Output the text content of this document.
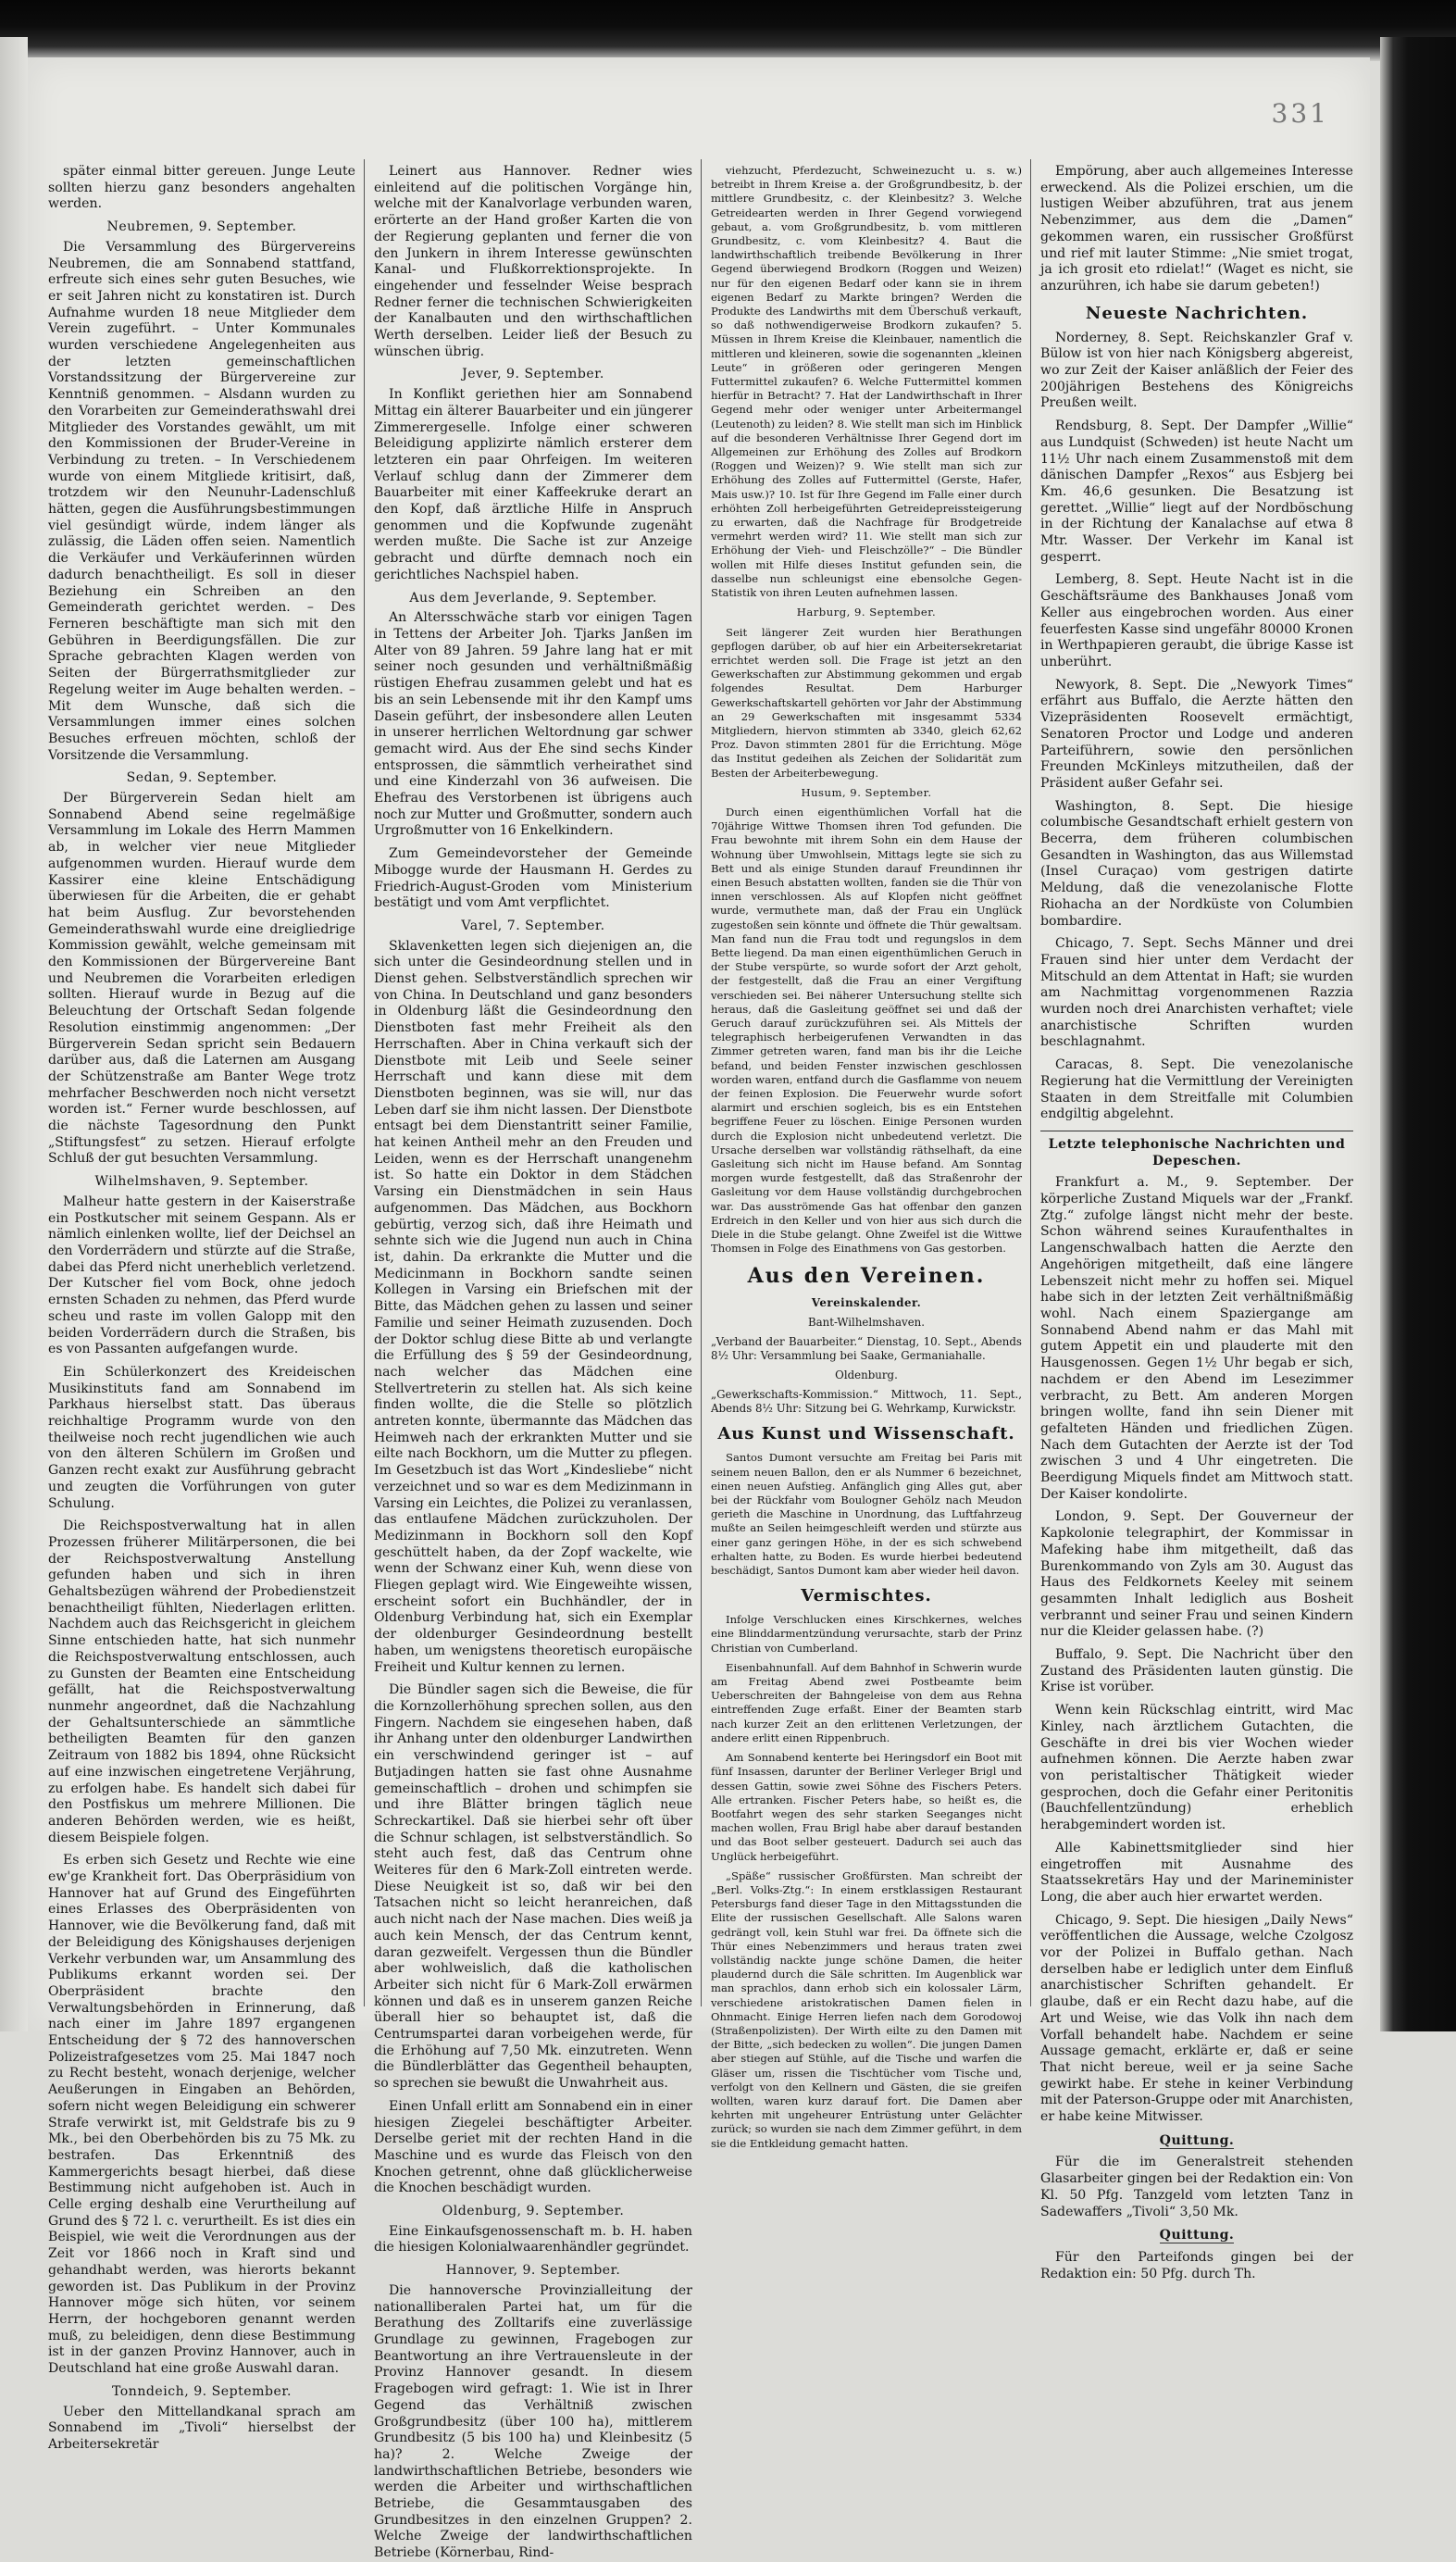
331

später einmal bitter gereuen. Junge Leute sollten hierzu ganz besonders angehalten werden.

Neubremen, 9. September.

Die Versammlung des Bürgervereins Neubremen, die am Sonnabend stattfand, erfreute sich eines sehr guten Besuches, wie er seit Jahren nicht zu konstatiren ist. Durch Aufnahme wurden 18 neue Mitglieder dem Verein zugeführt. – Unter Kommunales wurden verschiedene Angelegenheiten aus der letzten gemeinschaftlichen Vorstandssitzung der Bürgervereine zur Kenntniß genommen. – Alsdann wurden zu den Vorarbeiten zur Gemeinderathswahl drei Mitglieder des Vorstandes gewählt, um mit den Kommissionen der Bruder-Vereine in Verbindung zu treten. – In Verschiedenem wurde von einem Mitgliede kritisirt, daß, trotzdem wir den Neunuhr-Ladenschluß hätten, gegen die Ausführungsbestimmungen viel gesündigt würde, indem länger als zulässig, die Läden offen seien. Namentlich die Verkäufer und Verkäuferinnen würden dadurch benachtheiligt. Es soll in dieser Beziehung ein Schreiben an den Gemeinderath gerichtet werden. – Des Ferneren beschäftigte man sich mit den Gebühren in Beerdigungsfällen. Die zur Sprache gebrachten Klagen werden von Seiten der Bürgerrathsmitglieder zur Regelung weiter im Auge behalten werden. – Mit dem Wunsche, daß sich die Versammlungen immer eines solchen Besuches erfreuen möchten, schloß der Vorsitzende die Versammlung.

Sedan, 9. September.

Der Bürgerverein Sedan hielt am Sonnabend Abend seine regelmäßige Versammlung im Lokale des Herrn Mammen ab, in welcher vier neue Mitglieder aufgenommen wurden. Hierauf wurde dem Kassirer eine kleine Entschädigung überwiesen für die Arbeiten, die er gehabt hat beim Ausflug. Zur bevorstehenden Gemeinderathswahl wurde eine dreigliedrige Kommission gewählt, welche gemeinsam mit den Kommissionen der Bürgervereine Bant und Neubremen die Vorarbeiten erledigen sollten. Hierauf wurde in Bezug auf die Beleuchtung der Ortschaft Sedan folgende Resolution einstimmig angenommen: „Der Bürgerverein Sedan spricht sein Bedauern darüber aus, daß die Laternen am Ausgang der Schützenstraße am Banter Wege trotz mehrfacher Beschwerden noch nicht versetzt worden ist.“ Ferner wurde beschlossen, auf die nächste Tagesordnung den Punkt „Stiftungsfest“ zu setzen. Hierauf erfolgte Schluß der gut besuchten Versammlung.

Wilhelmshaven, 9. September.

Malheur hatte gestern in der Kaiserstraße ein Postkutscher mit seinem Gespann. Als er nämlich einlenken wollte, lief der Deichsel an den Vorderrädern und stürzte auf die Straße, dabei das Pferd nicht unerheblich verletzend. Der Kutscher fiel vom Bock, ohne jedoch ernsten Schaden zu nehmen, das Pferd wurde scheu und raste im vollen Galopp mit den beiden Vorderrädern durch die Straßen, bis es von Passanten aufgefangen wurde.

Ein Schülerkonzert des Kreideischen Musikinstituts fand am Sonnabend im Parkhaus hierselbst statt. Das überaus reichhaltige Programm wurde von den theilweise noch recht jugendlichen wie auch von den älteren Schülern im Großen und Ganzen recht exakt zur Ausführung gebracht und zeugten die Vorführungen von guter Schulung.

Die Reichspostverwaltung hat in allen Prozessen früherer Militärpersonen, die bei der Reichspostverwaltung Anstellung gefunden haben und sich in ihren Gehaltsbezügen während der Probedienstzeit benachtheiligt fühlten, Niederlagen erlitten. Nachdem auch das Reichsgericht in gleichem Sinne entschieden hatte, hat sich nunmehr die Reichspostverwaltung entschlossen, auch zu Gunsten der Beamten eine Entscheidung gefällt, hat die Reichspostverwaltung nunmehr angeordnet, daß die Nachzahlung der Gehaltsunterschiede an sämmtliche betheiligten Beamten für den ganzen Zeitraum von 1882 bis 1894, ohne Rücksicht auf eine inzwischen eingetretene Verjährung, zu erfolgen habe. Es handelt sich dabei für den Postfiskus um mehrere Millionen. Die anderen Behörden werden, wie es heißt, diesem Beispiele folgen.

Es erben sich Gesetz und Rechte wie eine ew'ge Krankheit fort. Das Oberpräsidium von Hannover hat auf Grund des Eingeführten eines Erlasses des Oberpräsidenten von Hannover, wie die Bevölkerung fand, daß mit der Beleidigung des Königshauses derjenigen Verkehr verbunden war, um Ansammlung des Publikums erkannt worden sei. Der Oberpräsident brachte den Verwaltungsbehörden in Erinnerung, daß nach einer im Jahre 1897 ergangenen Entscheidung der § 72 des hannoverschen Polizeistrafgesetzes vom 25. Mai 1847 noch zu Recht besteht, wonach derjenige, welcher Aeußerungen in Eingaben an Behörden, sofern nicht wegen Beleidigung ein schwerer Strafe verwirkt ist, mit Geldstrafe bis zu 9 Mk., bei den Oberbehörden bis zu 75 Mk. zu bestrafen. Das Erkenntniß des Kammergerichts besagt hierbei, daß diese Bestimmung nicht aufgehoben ist. Auch in Celle erging deshalb eine Verurtheilung auf Grund des § 72 l. c. verurtheilt. Es ist dies ein Beispiel, wie weit die Verordnungen aus der Zeit vor 1866 noch in Kraft sind und gehandhabt werden, was hierorts bekannt geworden ist. Das Publikum in der Provinz Hannover möge sich hüten, vor seinem Herrn, der hochgeboren genannt werden muß, zu beleidigen, denn diese Bestimmung ist in der ganzen Provinz Hannover, auch in Deutschland hat eine große Auswahl daran.

Tonndeich, 9. September.

Ueber den Mittellandkanal sprach am Sonnabend im „Tivoli“ hierselbst der Arbeitersekretär

Leinert aus Hannover. Redner wies einleitend auf die politischen Vorgänge hin, welche mit der Kanalvorlage verbunden waren, erörterte an der Hand großer Karten die von der Regierung geplanten und ferner die von den Junkern in ihrem Interesse gewünschten Kanal- und Flußkorrektionsprojekte. In eingehender und fesselnder Weise besprach Redner ferner die technischen Schwierigkeiten der Kanalbauten und den wirthschaftlichen Werth derselben. Leider ließ der Besuch zu wünschen übrig.

Jever, 9. September.

In Konflikt geriethen hier am Sonnabend Mittag ein älterer Bauarbeiter und ein jüngerer Zimmerergeselle. Infolge einer schweren Beleidigung applizirte nämlich ersterer dem letzteren ein paar Ohrfeigen. Im weiteren Verlauf schlug dann der Zimmerer dem Bauarbeiter mit einer Kaffeekruke derart an den Kopf, daß ärztliche Hilfe in Anspruch genommen und die Kopfwunde zugenäht werden mußte. Die Sache ist zur Anzeige gebracht und dürfte demnach noch ein gerichtliches Nachspiel haben.

Aus dem Jeverlande, 9. September.

An Altersschwäche starb vor einigen Tagen in Tettens der Arbeiter Joh. Tjarks Janßen im Alter von 89 Jahren. 59 Jahre lang hat er mit seiner noch gesunden und verhältnißmäßig rüstigen Ehefrau zusammen gelebt und hat es bis an sein Lebensende mit ihr den Kampf ums Dasein geführt, der insbesondere allen Leuten in unserer herrlichen Weltordnung gar schwer gemacht wird. Aus der Ehe sind sechs Kinder entsprossen, die sämmtlich verheirathet sind und eine Kinderzahl von 36 aufweisen. Die Ehefrau des Verstorbenen ist übrigens auch noch zur Mutter und Großmutter, sondern auch Urgroßmutter von 16 Enkelkindern.

Zum Gemeindevorsteher der Gemeinde Mibogge wurde der Hausmann H. Gerdes zu Friedrich-August-Groden vom Ministerium bestätigt und vom Amt verpflichtet.

Varel, 7. September.

Sklavenketten legen sich diejenigen an, die sich unter die Gesindeordnung stellen und in Dienst gehen. Selbstverständlich sprechen wir von China. In Deutschland und ganz besonders in Oldenburg läßt die Gesindeordnung den Dienstboten fast mehr Freiheit als den Herrschaften. Aber in China verkauft sich der Dienstbote mit Leib und Seele seiner Herrschaft und kann diese mit dem Dienstboten beginnen, was sie will, nur das Leben darf sie ihm nicht lassen. Der Dienstbote entsagt bei dem Dienstantritt seiner Familie, hat keinen Antheil mehr an den Freuden und Leiden, wenn es der Herrschaft unangenehm ist. So hatte ein Doktor in dem Städchen Varsing ein Dienstmädchen in sein Haus aufgenommen. Das Mädchen, aus Bockhorn gebürtig, verzog sich, daß ihre Heimath und sehnte sich wie die Jugend nun auch in China ist, dahin. Da erkrankte die Mutter und die Medicinmann in Bockhorn sandte seinen Kollegen in Varsing ein Briefschen mit der Bitte, das Mädchen gehen zu lassen und seiner Familie und seiner Heimath zuzusenden. Doch der Doktor schlug diese Bitte ab und verlangte die Erfüllung des § 59 der Gesindeordnung, nach welcher das Mädchen eine Stellvertreterin zu stellen hat. Als sich keine finden wollte, die die Stelle so plötzlich antreten konnte, übermannte das Mädchen das Heimweh nach der erkrankten Mutter und sie eilte nach Bockhorn, um die Mutter zu pflegen. Im Gesetzbuch ist das Wort „Kindesliebe“ nicht verzeichnet und so war es dem Medizinmann in Varsing ein Leichtes, die Polizei zu veranlassen, das entlaufene Mädchen zurückzuholen. Der Medizinmann in Bockhorn soll den Kopf geschüttelt haben, da der Zopf wackelte, wie wenn der Schwanz einer Kuh, wenn diese von Fliegen geplagt wird. Wie Eingeweihte wissen, erscheint sofort ein Buchhändler, der in Oldenburg Verbindung hat, sich ein Exemplar der oldenburger Gesindeordnung bestellt haben, um wenigstens theoretisch europäische Freiheit und Kultur kennen zu lernen.

Die Bündler sagen sich die Beweise, die für die Kornzollerhöhung sprechen sollen, aus den Fingern. Nachdem sie eingesehen haben, daß ihr Anhang unter den oldenburger Landwirthen ein verschwindend geringer ist – auf Butjadingen hatten sie fast ohne Ausnahme gemeinschaftlich – drohen und schimpfen sie und ihre Blätter bringen täglich neue Schreckartikel. Daß sie hierbei sehr oft über die Schnur schlagen, ist selbstverständlich. So steht auch fest, daß das Centrum ohne Weiteres für den 6 Mark-Zoll eintreten werde. Diese Neuigkeit ist so, daß wir bei den Tatsachen nicht so leicht heranreichen, daß auch nicht nach der Nase machen. Dies weiß ja auch kein Mensch, der das Centrum kennt, daran gezweifelt. Vergessen thun die Bündler aber wohlweislich, daß die katholischen Arbeiter sich nicht für 6 Mark-Zoll erwärmen können und daß es in unserem ganzen Reiche überall hier so behauptet ist, daß die Centrumspartei daran vorbeigehen werde, für die Erhöhung auf 7,50 Mk. einzutreten. Wenn die Bündlerblätter das Gegentheil behaupten, so sprechen sie bewußt die Unwahrheit aus.

Einen Unfall erlitt am Sonnabend ein in einer hiesigen Ziegelei beschäftigter Arbeiter. Derselbe geriet mit der rechten Hand in die Maschine und es wurde das Fleisch von den Knochen getrennt, ohne daß glücklicherweise die Knochen beschädigt wurden.

Oldenburg, 9. September.

Eine Einkaufsgenossenschaft m. b. H. haben die hiesigen Kolonialwaarenhändler gegründet.

Hannover, 9. September.

Die hannoversche Provinzialleitung der nationalliberalen Partei hat, um für die Berathung des Zolltarifs eine zuverlässige Grundlage zu gewinnen, Fragebogen zur Beantwortung an ihre Vertrauensleute in der Provinz Hannover gesandt. In diesem Fragebogen wird gefragt: 1. Wie ist in Ihrer Gegend das Verhältniß zwischen Großgrundbesitz (über 100 ha), mittlerem Grundbesitz (5 bis 100 ha) und Kleinbesitz (5 ha)? 2. Welche Zweige der landwirthschaftlichen Betriebe, besonders wie werden die Arbeiter und wirthschaftlichen Betriebe, die Gesammtausgaben des Grundbesitzes in den einzelnen Gruppen? 2. Welche Zweige der landwirthschaftlichen Betriebe (Körnerbau, Rind-

viehzucht, Pferdezucht, Schweinezucht u. s. w.) betreibt in Ihrem Kreise a. der Großgrundbesitz, b. der mittlere Grundbesitz, c. der Kleinbesitz? 3. Welche Getreidearten werden in Ihrer Gegend vorwiegend gebaut, a. vom Großgrundbesitz, b. vom mittleren Grundbesitz, c. vom Kleinbesitz? 4. Baut die landwirthschaftlich treibende Bevölkerung in Ihrer Gegend überwiegend Brodkorn (Roggen und Weizen) nur für den eigenen Bedarf oder kann sie in ihrem eigenen Bedarf zu Markte bringen? Werden die Produkte des Landwirths mit dem Überschuß verkauft, so daß nothwendigerweise Brodkorn zukaufen? 5. Müssen in Ihrem Kreise die Kleinbauer, namentlich die mittleren und kleineren, sowie die sogenannten „kleinen Leute“ in größeren oder geringeren Mengen Futtermittel zukaufen? 6. Welche Futtermittel kommen hierfür in Betracht? 7. Hat der Landwirthschaft in Ihrer Gegend mehr oder weniger unter Arbeitermangel (Leutenoth) zu leiden? 8. Wie stellt man sich im Hinblick auf die besonderen Verhältnisse Ihrer Gegend dort im Allgemeinen zur Erhöhung des Zolles auf Brodkorn (Roggen und Weizen)? 9. Wie stellt man sich zur Erhöhung des Zolles auf Futtermittel (Gerste, Hafer, Mais usw.)? 10. Ist für Ihre Gegend im Falle einer durch erhöhten Zoll herbeigeführten Getreidepreissteigerung zu erwarten, daß die Nachfrage für Brodgetreide vermehrt werden wird? 11. Wie stellt man sich zur Erhöhung der Vieh- und Fleischzölle?“ – Die Bündler wollen mit Hilfe dieses Institut gefunden sein, die dasselbe nun schleunigst eine ebensolche Gegen-Statistik von ihren Leuten aufnehmen lassen.

Harburg, 9. September.

Seit längerer Zeit wurden hier Berathungen gepflogen darüber, ob auf hier ein Arbeitersekretariat errichtet werden soll. Die Frage ist jetzt an den Gewerkschaften zur Abstimmung gekommen und ergab folgendes Resultat. Dem Harburger Gewerkschaftskartell gehörten vor Jahr der Abstimmung an 29 Gewerkschaften mit insgesammt 5334 Mitgliedern, hiervon stimmten ab 3340, gleich 62,62 Proz. Davon stimmten 2801 für die Errichtung. Möge das Institut gedeihen als Zeichen der Solidarität zum Besten der Arbeiterbewegung.

Husum, 9. September.

Durch einen eigenthümlichen Vorfall hat die 70jährige Wittwe Thomsen ihren Tod gefunden. Die Frau bewohnte mit ihrem Sohn ein dem Hause der Wohnung über Umwohlsein, Mittags legte sie sich zu Bett und als einige Stunden darauf Freundinnen ihr einen Besuch abstatten wollten, fanden sie die Thür von innen verschlossen. Als auf Klopfen nicht geöffnet wurde, vermuthete man, daß der Frau ein Unglück zugestoßen sein könnte und öffnete die Thür gewaltsam. Man fand nun die Frau todt und regungslos in dem Bette liegend. Da man einen eigenthümlichen Geruch in der Stube verspürte, so wurde sofort der Arzt geholt, der festgestellt, daß die Frau an einer Vergiftung verschieden sei. Bei näherer Untersuchung stellte sich heraus, daß die Gasleitung geöffnet sei und daß der Geruch darauf zurückzuführen sei. Als Mittels der telegraphisch herbeigerufenen Verwandten in das Zimmer getreten waren, fand man bis ihr die Leiche befand, und beiden Fenster inzwischen geschlossen worden waren, entfand durch die Gasflamme von neuem der feinen Explosion. Die Feuerwehr wurde sofort alarmirt und erschien sogleich, bis es ein Entstehen begriffene Feuer zu löschen. Einige Personen wurden durch die Explosion nicht unbedeutend verletzt. Die Ursache derselben war vollständig räthselhaft, da eine Gasleitung sich nicht im Hause befand. Am Sonntag morgen wurde festgestellt, daß das Straßenrohr der Gasleitung vor dem Hause vollständig durchgebrochen war. Das ausströmende Gas hat offenbar den ganzen Erdreich in den Keller und von hier aus sich durch die Diele in die Stube gelangt. Ohne Zweifel ist die Wittwe Thomsen in Folge des Einathmens von Gas gestorben.

Aus den Vereinen.
Vereinskalender.

Bant-Wilhelmshaven.

„Verband der Bauarbeiter.“ Dienstag, 10. Sept., Abends 8½ Uhr: Versammlung bei Saake, Germaniahalle.

Oldenburg.

„Gewerkschafts-Kommission.“ Mittwoch, 11. Sept., Abends 8½ Uhr: Sitzung bei G. Wehrkamp, Kurwickstr.

Aus Kunst und Wissenschaft.

Santos Dumont versuchte am Freitag bei Paris mit seinem neuen Ballon, den er als Nummer 6 bezeichnet, einen neuen Aufstieg. Anfänglich ging Alles gut, aber bei der Rückfahr vom Boulogner Gehölz nach Meudon gerieth die Maschine in Unordnung, das Luftfahrzeug mußte an Seilen heimgeschleift werden und stürzte aus einer ganz geringen Höhe, in der es sich schwebend erhalten hatte, zu Boden. Es wurde hierbei bedeutend beschädigt, Santos Dumont kam aber wieder heil davon.

Vermischtes.

Infolge Verschlucken eines Kirschkernes, welches eine Blinddarmentzündung verursachte, starb der Prinz Christian von Cumberland.

Eisenbahnunfall. Auf dem Bahnhof in Schwerin wurde am Freitag Abend zwei Postbeamte beim Ueberschreiten der Bahngeleise von dem aus Rehna eintreffenden Zuge erfaßt. Einer der Beamten starb nach kurzer Zeit an den erlittenen Verletzungen, der andere erlitt einen Rippenbruch.

Am Sonnabend kenterte bei Heringsdorf ein Boot mit fünf Insassen, darunter der Berliner Verleger Brigl und dessen Gattin, sowie zwei Söhne des Fischers Peters. Alle ertranken. Fischer Peters habe, so heißt es, die Bootfahrt wegen des sehr starken Seeganges nicht machen wollen, Frau Brigl habe aber darauf bestanden und das Boot selber gesteuert. Dadurch sei auch das Unglück herbeigeführt.

„Späße“ russischer Großfürsten. Man schreibt der „Berl. Volks-Ztg.“: In einem erstklassigen Restaurant Petersburgs fand dieser Tage in den Mittagsstunden die Elite der russischen Gesellschaft. Alle Salons waren gedrängt voll, kein Stuhl war frei. Da öffnete sich die Thür eines Nebenzimmers und heraus traten zwei vollständig nackte junge schöne Damen, die heiter plaudernd durch die Säle schritten. Im Augenblick war man sprachlos, dann erhob sich ein kolossaler Lärm, verschiedene aristokratischen Damen fielen in Ohnmacht. Einige Herren liefen nach dem Gorodowoj (Straßenpolizisten). Der Wirth eilte zu den Damen mit der Bitte, „sich bedecken zu wollen“. Die jungen Damen aber stiegen auf Stühle, auf die Tische und warfen die Gläser um, rissen die Tischtücher vom Tische und, verfolgt von den Kellnern und Gästen, die sie greifen wollten, waren kurz darauf fort. Die Damen aber kehrten mit ungeheurer Entrüstung unter Gelächter zurück; so wurden sie nach dem Zimmer geführt, in dem sie die Entkleidung gemacht hatten.

Empörung, aber auch allgemeines Interesse erweckend. Als die Polizei erschien, um die lustigen Weiber abzuführen, trat aus jenem Nebenzimmer, aus dem die „Damen“ gekommen waren, ein russischer Großfürst und rief mit lauter Stimme: „Nie smiet trogat, ja ich grosit eto rdielat!“ (Waget es nicht, sie anzurühren, ich habe sie darum gebeten!)

Neueste Nachrichten.

Norderney, 8. Sept. Reichskanzler Graf v. Bülow ist von hier nach Königsberg abgereist, wo zur Zeit der Kaiser anläßlich der Feier des 200jährigen Bestehens des Königreichs Preußen weilt.

Rendsburg, 8. Sept. Der Dampfer „Willie“ aus Lundquist (Schweden) ist heute Nacht um 11½ Uhr nach einem Zusammenstoß mit dem dänischen Dampfer „Rexos“ aus Esbjerg bei Km. 46,6 gesunken. Die Besatzung ist gerettet. „Willie“ liegt auf der Nordböschung in der Richtung der Kanalachse auf etwa 8 Mtr. Wasser. Der Verkehr im Kanal ist gesperrt.

Lemberg, 8. Sept. Heute Nacht ist in die Geschäftsräume des Bankhauses Jonaß vom Keller aus eingebrochen worden. Aus einer feuerfesten Kasse sind ungefähr 80000 Kronen in Werthpapieren geraubt, die übrige Kasse ist unberührt.

Newyork, 8. Sept. Die „Newyork Times“ erfährt aus Buffalo, die Aerzte hätten den Vizepräsidenten Roosevelt ermächtigt, Senatoren Proctor und Lodge und anderen Parteiführern, sowie den persönlichen Freunden McKinleys mitzutheilen, daß der Präsident außer Gefahr sei.

Washington, 8. Sept. Die hiesige columbische Gesandtschaft erhielt gestern von Becerra, dem früheren columbischen Gesandten in Washington, das aus Willemstad (Insel Curaçao) vom gestrigen datirte Meldung, daß die venezolanische Flotte Riohacha an der Nordküste von Columbien bombardire.

Chicago, 7. Sept. Sechs Männer und drei Frauen sind hier unter dem Verdacht der Mitschuld an dem Attentat in Haft; sie wurden am Nachmittag vorgenommenen Razzia wurden noch drei Anarchisten verhaftet; viele anarchistische Schriften wurden beschlagnahmt.

Caracas, 8. Sept. Die venezolanische Regierung hat die Vermittlung der Vereinigten Staaten in dem Streitfalle mit Columbien endgiltig abgelehnt.

Letzte telephonische Nachrichten und Depeschen.

Frankfurt a. M., 9. September. Der körperliche Zustand Miquels war der „Frankf. Ztg.“ zufolge längst nicht mehr der beste. Schon während seines Kuraufenthaltes in Langenschwalbach hatten die Aerzte den Angehörigen mitgetheilt, daß eine längere Lebenszeit nicht mehr zu hoffen sei. Miquel habe sich in der letzten Zeit verhältnißmäßig wohl. Nach einem Spaziergange am Sonnabend Abend nahm er das Mahl mit gutem Appetit ein und plauderte mit den Hausgenossen. Gegen 1½ Uhr begab er sich, nachdem er den Abend im Lesezimmer verbracht, zu Bett. Am anderen Morgen bringen wollte, fand ihn sein Diener mit gefalteten Händen und friedlichen Zügen. Nach dem Gutachten der Aerzte ist der Tod zwischen 3 und 4 Uhr eingetreten. Die Beerdigung Miquels findet am Mittwoch statt. Der Kaiser kondolirte.

London, 9. Sept. Der Gouverneur der Kapkolonie telegraphirt, der Kommissar in Mafeking habe ihm mitgetheilt, daß das Burenkommando von Zyls am 30. August das Haus des Feldkornets Keeley mit seinem gesammten Inhalt lediglich aus Bosheit verbrannt und seiner Frau und seinen Kindern nur die Kleider gelassen habe. (?)

Buffalo, 9. Sept. Die Nachricht über den Zustand des Präsidenten lauten günstig. Die Krise ist vorüber.

Wenn kein Rückschlag eintritt, wird Mac Kinley, nach ärztlichem Gutachten, die Geschäfte in drei bis vier Wochen wieder aufnehmen können. Die Aerzte haben zwar von peristaltischer Thätigkeit wieder gesprochen, doch die Gefahr einer Peritonitis (Bauchfellentzündung) erheblich herabgemindert worden ist.

Alle Kabinettsmitglieder sind hier eingetroffen mit Ausnahme des Staatssekretärs Hay und der Marineminister Long, die aber auch hier erwartet werden.

Chicago, 9. Sept. Die hiesigen „Daily News“ veröffentlichen die Aussage, welche Czolgosz vor der Polizei in Buffalo gethan. Nach derselben habe er lediglich unter dem Einfluß anarchistischer Schriften gehandelt. Er glaube, daß er ein Recht dazu habe, auf die Art und Weise, wie das Volk ihn nach dem Vorfall behandelt habe. Nachdem er seine Aussage gemacht, erklärte er, daß er seine That nicht bereue, weil er ja seine Sache gewirkt habe. Er stehe in keiner Verbindung mit der Paterson-Gruppe oder mit Anarchisten, er habe keine Mitwisser.

Quittung.

Für die im Generalstreit stehenden Glasarbeiter gingen bei der Redaktion ein: Von Kl. 50 Pfg. Tanzgeld vom letzten Tanz in Sadewaffers „Tivoli“ 3,50 Mk.

Quittung.

Für den Parteifonds gingen bei der Redaktion ein: 50 Pfg. durch Th.
